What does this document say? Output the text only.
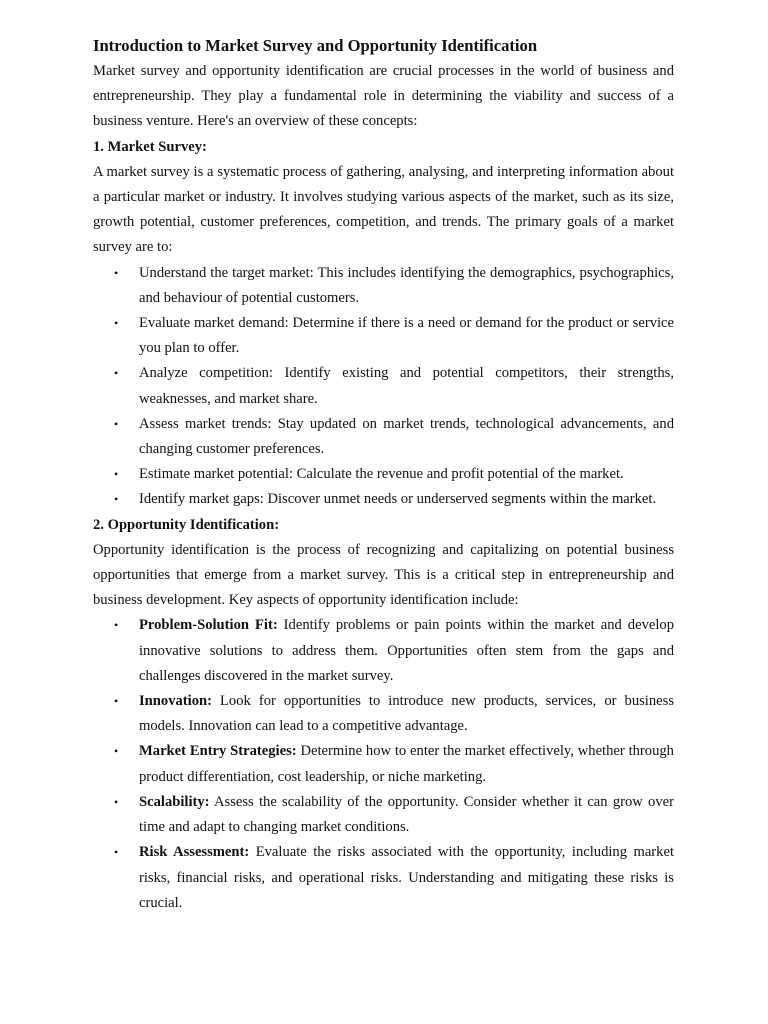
Introduction to Market Survey and Opportunity Identification

Market survey and opportunity identification are crucial processes in the world of business and entrepreneurship. They play a fundamental role in determining the viability and success of a business venture. Here's an overview of these concepts:

1. Market Survey:

A market survey is a systematic process of gathering, analysing, and interpreting information about a particular market or industry. It involves studying various aspects of the market, such as its size, growth potential, customer preferences, competition, and trends. The primary goals of a market survey are to:

• Understand the target market: This includes identifying the demographics, psychographics, and behaviour of potential customers.
• Evaluate market demand: Determine if there is a need or demand for the product or service you plan to offer.
• Analyze competition: Identify existing and potential competitors, their strengths, weaknesses, and market share.
• Assess market trends: Stay updated on market trends, technological advancements, and changing customer preferences.
• Estimate market potential: Calculate the revenue and profit potential of the market.
• Identify market gaps: Discover unmet needs or underserved segments within the market.
2. Opportunity Identification:

Opportunity identification is the process of recognizing and capitalizing on potential business opportunities that emerge from a market survey. This is a critical step in entrepreneurship and business development. Key aspects of opportunity identification include:

• Problem-Solution Fit: Identify problems or pain points within the market and develop innovative solutions to address them. Opportunities often stem from the gaps and challenges discovered in the market survey.
• Innovation: Look for opportunities to introduce new products, services, or business models. Innovation can lead to a competitive advantage.
• Market Entry Strategies: Determine how to enter the market effectively, whether through product differentiation, cost leadership, or niche marketing.
• Scalability: Assess the scalability of the opportunity. Consider whether it can grow over time and adapt to changing market conditions.
• Risk Assessment: Evaluate the risks associated with the opportunity, including market risks, financial risks, and operational risks. Understanding and mitigating these risks is crucial.
